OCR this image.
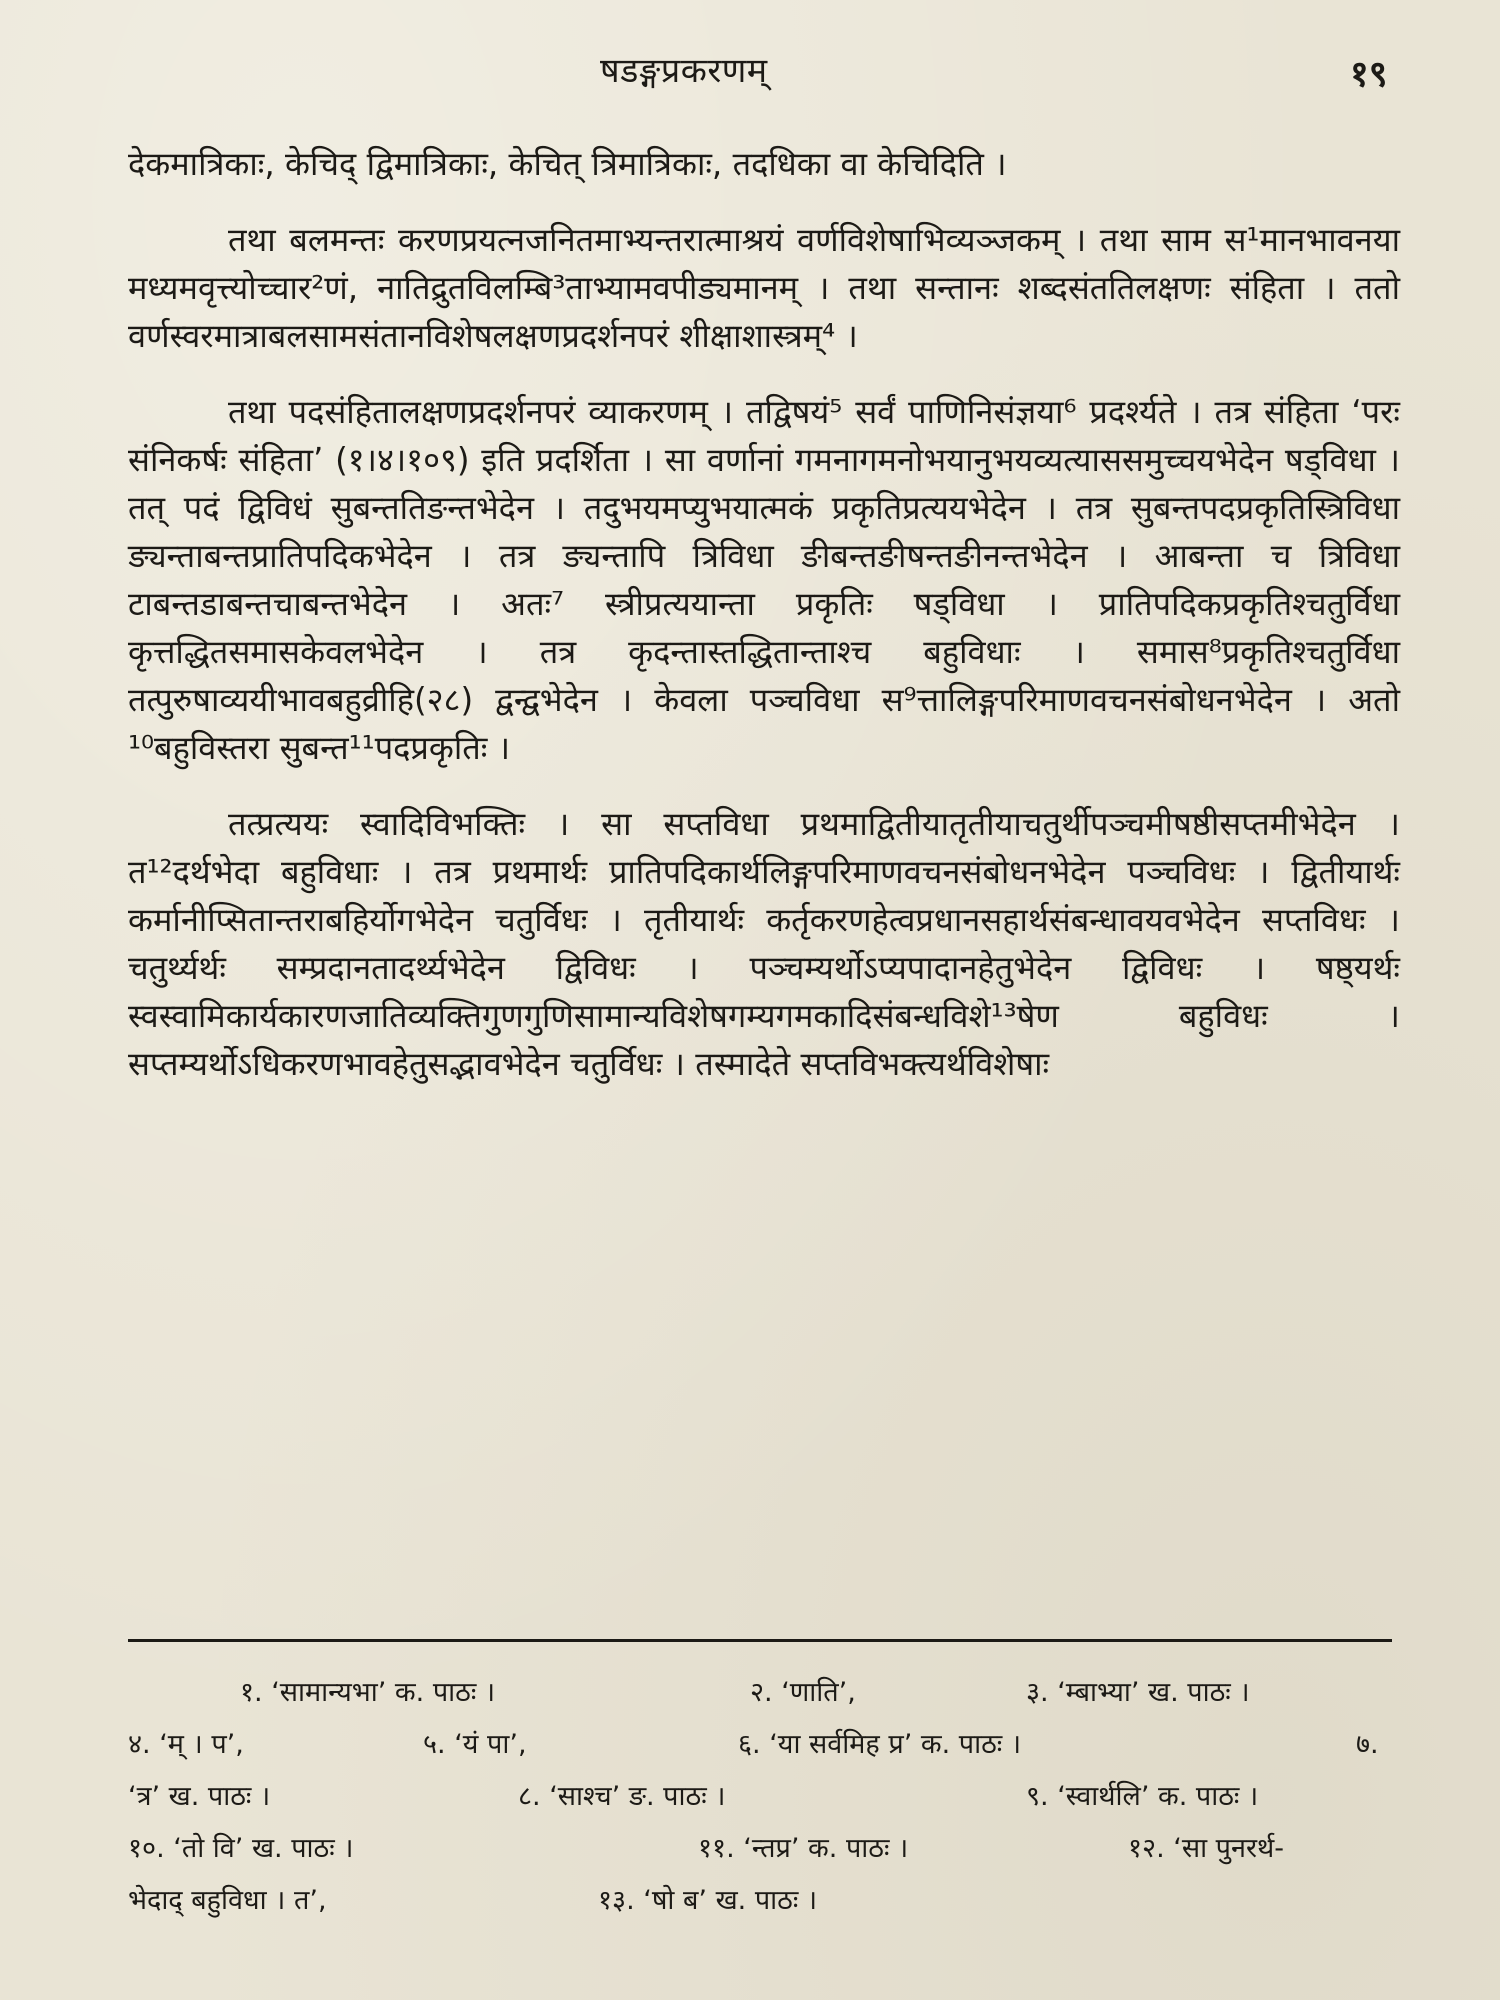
षडङ्गप्रकरणम्	१९

देकमात्रिकाः, केचिद् द्विमात्रिकाः, केचित् त्रिमात्रिकाः, तदधिका वा केचिदिति ।

तथा बलमन्तः करणप्रयत्नजनितमाभ्यन्तरात्माश्रयं वर्णविशेषाभिव्यञ्जकम् । तथा साम स¹मानभावनया मध्यमवृत्त्योच्चार²णं, नातिद्रुतविलम्बि³ताभ्यामवपीड्यमानम् । तथा सन्तानः शब्दसंततिलक्षणः संहिता । ततो वर्णस्वरमात्राबलसामसंतानविशेषलक्षणप्रदर्शनपरं शीक्षाशास्त्रम्⁴ ।

तथा पदसंहितालक्षणप्रदर्शनपरं व्याकरणम् । तद्विषयं⁵ सर्वं पाणिनिसंज्ञया⁶ प्रदर्श्यते । तत्र संहिता ‘परः संनिकर्षः संहिता’ (१।४।१०९) इति प्रदर्शिता । सा वर्णानां गमनागमनोभयानुभयव्यत्याससमुच्चयभेदेन षड्विधा । तत् पदं द्विविधं सुबन्ततिङन्तभेदेन । तदुभयमप्युभयात्मकं प्रकृतिप्रत्ययभेदेन । तत्र सुबन्तपदप्रकृतिस्त्रिविधा ङ्यन्ताबन्तप्रातिपदिकभेदेन । तत्र ङ्यन्तापि त्रिविधा ङीबन्तङीषन्तङीनन्तभेदेन । आबन्ता च त्रिविधा टाबन्तडाबन्तचाबन्तभेदेन । अतः⁷ स्त्रीप्रत्ययान्ता प्रकृतिः षड्विधा । प्रातिपदिकप्रकृतिश्चतुर्विधा कृत्तद्धितसमासकेवलभेदेन । तत्र कृदन्तास्तद्धितान्ताश्च बहुविधाः । समास⁸प्रकृतिश्चतुर्विधा तत्पुरुषाव्ययीभावबहुव्रीहि(२८) द्वन्द्वभेदेन । केवला पञ्चविधा स⁹त्तालिङ्गपरिमाणवचनसंबोधनभेदेन । अतो ¹⁰बहुविस्तरा सुबन्त¹¹पदप्रकृतिः ।

तत्प्रत्ययः स्वादिविभक्तिः । सा सप्तविधा प्रथमाद्वितीयातृतीयाचतुर्थीपञ्चमीषष्ठीसप्तमीभेदेन । त¹²दर्थभेदा बहुविधाः । तत्र प्रथमार्थः प्रातिपदिकार्थलिङ्गपरिमाणवचनसंबोधनभेदेन पञ्चविधः । द्वितीयार्थः कर्मानीप्सितान्तराबहिर्योगभेदेन चतुर्विधः । तृतीयार्थः कर्तृकरणहेत्वप्रधानसहार्थसंबन्धावयवभेदेन सप्तविधः । चतुर्थ्यर्थः सम्प्रदानतादर्थ्यभेदेन द्विविधः । पञ्चम्यर्थोऽप्यपादानहेतुभेदेन द्विविधः । षष्ठ्यर्थः स्वस्वामिकार्यकारणजातिव्यक्तिगुणगुणिसामान्यविशेषगम्यगमकादिसंबन्धविशे¹³षेण बहुविधः । सप्तम्यर्थोऽधिकरणभावहेतुसद्भावभेदेन चतुर्विधः । तस्मादेते सप्तविभक्त्यर्थविशेषाः

१. ‘सामान्यभा’ क. पाठः ।	२. ‘णाति’,	३. ‘म्बाभ्या’ ख. पाठः ।
४. ‘म् । प’,	५. ‘यं पा’,	६. ‘या सर्वमिह प्र’ क. पाठः ।	७.
‘त्र’ ख. पाठः ।	८. ‘साश्च’ ङ. पाठः ।	९. ‘स्वार्थलि’ क. पाठः ।
१०. ‘तो वि’ ख. पाठः ।	११. ‘न्तप्र’ क. पाठः ।	१२. ‘सा पुनरर्थ-
भेदाद् बहुविधा । त’,	१३. ‘षो ब’ ख. पाठः ।
